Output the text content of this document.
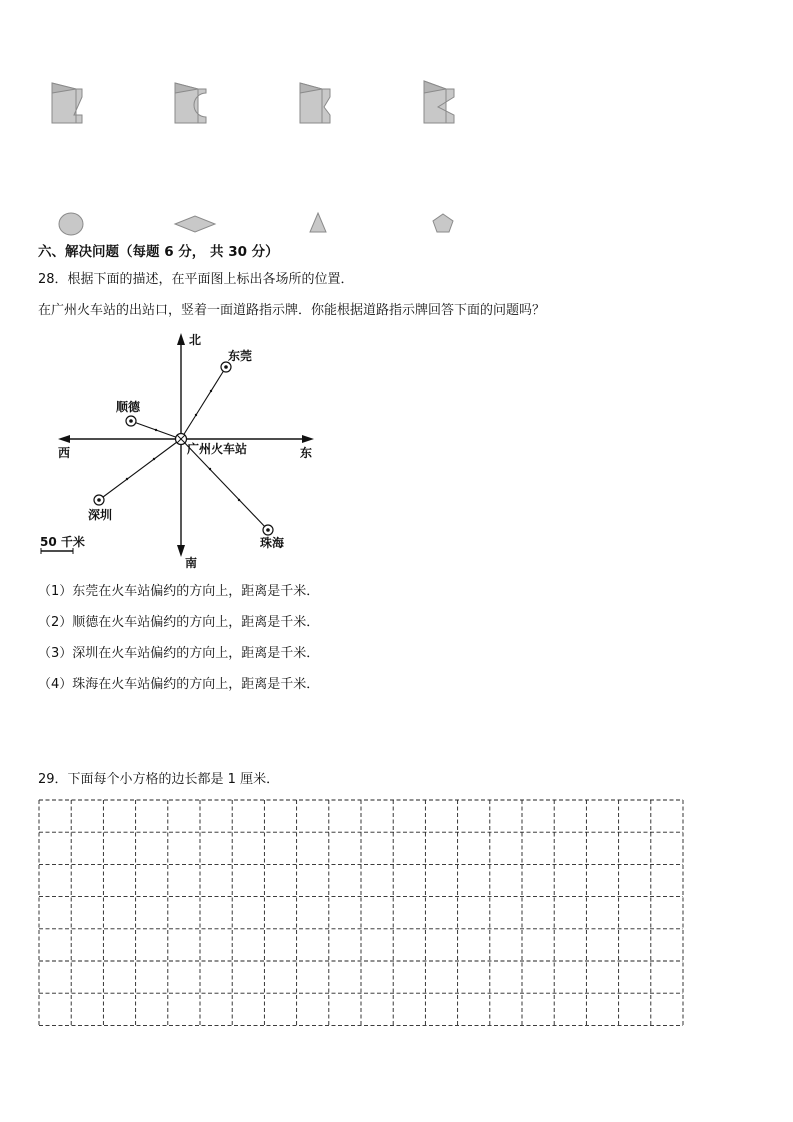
六、解决问题（每题 6 分， 共 30 分）
28．根据下面的描述，在平面图上标出各场所的位置．
在广州火车站的出站口，竖着一面道路指示牌．你能根据道路指示牌回答下面的问题吗？
北
南
东
西	广州火车站
东莞
顺德
深圳
珠海
50 千米
（1）东莞在火车站偏约的方向上，距离是千米．
（2）顺德在火车站偏约的方向上，距离是千米．
（3）深圳在火车站偏约的方向上，距离是千米．
（4）珠海在火车站偏约的方向上，距离是千米．
29．下面每个小方格的边长都是 1 厘米．
